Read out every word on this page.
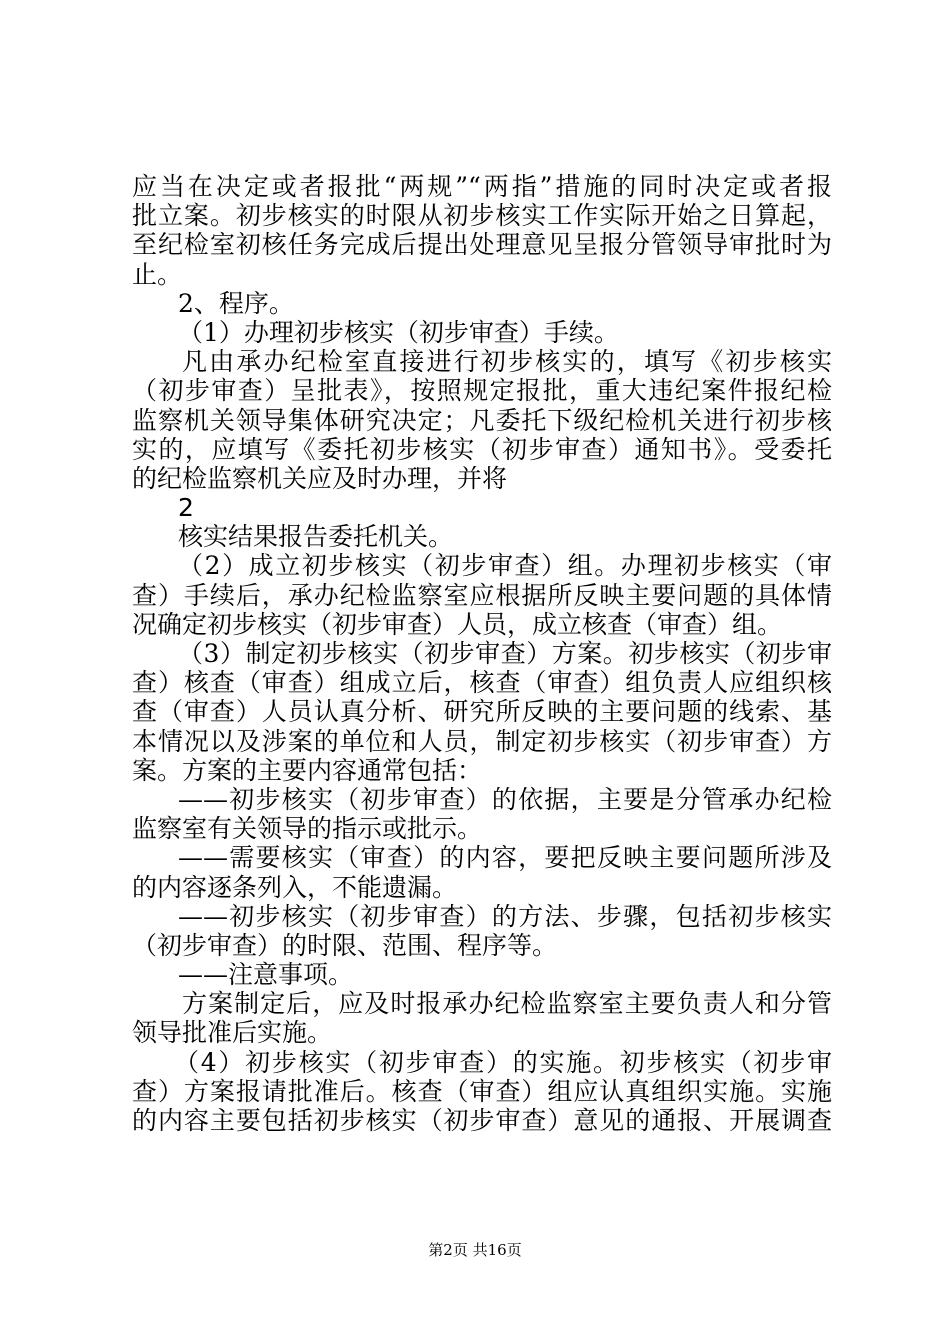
应当在决定或者报批“两规”“两指”措施的同时决定或者报
批立案。初步核实的时限从初步核实工作实际开始之日算起，
至纪检室初核任务完成后提出处理意见呈报分管领导审批时为
止。
2、程序。
（1）办理初步核实（初步审查）手续。
凡由承办纪检室直接进行初步核实的，填写《初步核实
（初步审查）呈批表》，按照规定报批，重大违纪案件报纪检
监察机关领导集体研究决定；凡委托下级纪检机关进行初步核
实的，应填写《委托初步核实（初步审查）通知书》。受委托
的纪检监察机关应及时办理，并将
2
核实结果报告委托机关。
（2）成立初步核实（初步审查）组。办理初步核实（审
查）手续后，承办纪检监察室应根据所反映主要问题的具体情
况确定初步核实（初步审查）人员，成立核查（审查）组。
（3）制定初步核实（初步审查）方案。初步核实（初步审
查）核查（审查）组成立后，核查（审查）组负责人应组织核
查（审查）人员认真分析、研究所反映的主要问题的线索、基
本情况以及涉案的单位和人员，制定初步核实（初步审查）方
案。方案的主要内容通常包括：
——初步核实（初步审查）的依据，主要是分管承办纪检
监察室有关领导的指示或批示。
——需要核实（审查）的内容，要把反映主要问题所涉及
的内容逐条列入，不能遗漏。
——初步核实（初步审查）的方法、步骤，包括初步核实
（初步审查）的时限、范围、程序等。
——注意事项。
方案制定后，应及时报承办纪检监察室主要负责人和分管
领导批准后实施。
（4）初步核实（初步审查）的实施。初步核实（初步审
查）方案报请批准后。核查（审查）组应认真组织实施。实施
的内容主要包括初步核实（初步审查）意见的通报、开展调查
第2页 共16页
